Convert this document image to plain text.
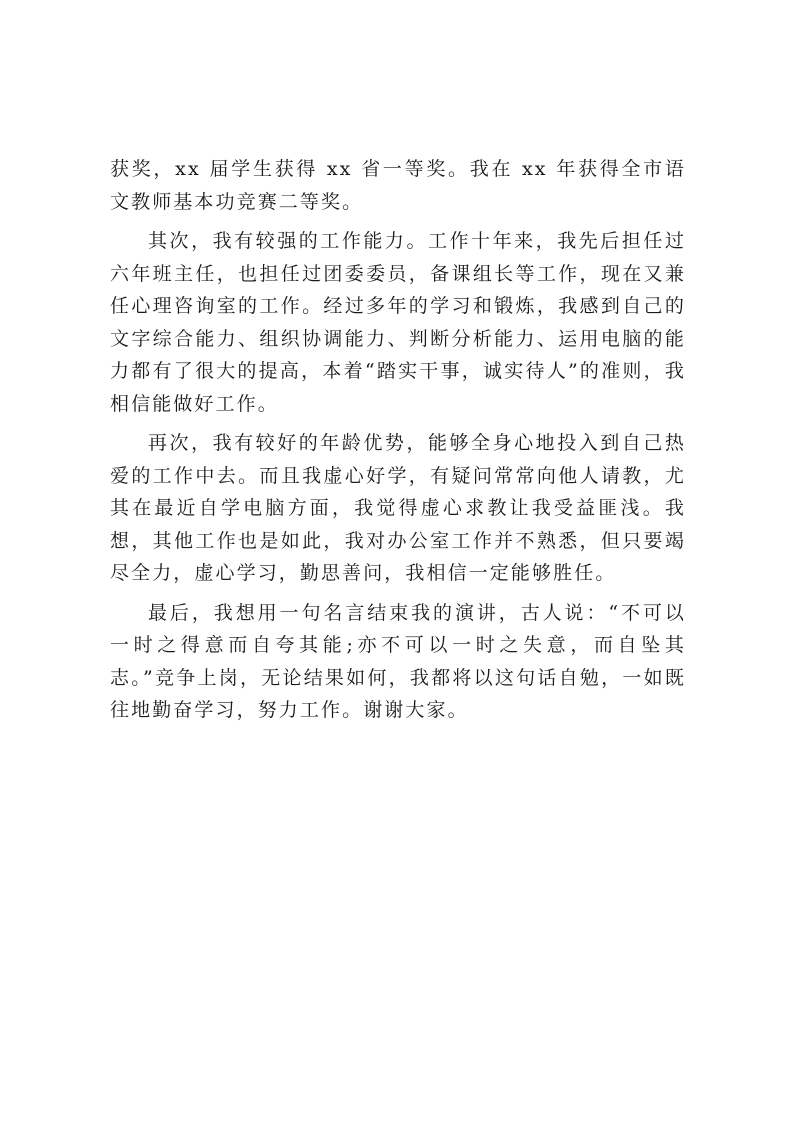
获奖，xx 届学生获得 xx 省一等奖。我在 xx 年获得全市语文教师基本功竞赛二等奖。

其次，我有较强的工作能力。工作十年来，我先后担任过六年班主任，也担任过团委委员，备课组长等工作，现在又兼任心理咨询室的工作。经过多年的学习和锻炼，我感到自己的文字综合能力、组织协调能力、判断分析能力、运用电脑的能力都有了很大的提高，本着“踏实干事，诚实待人”的准则，我相信能做好工作。

再次，我有较好的年龄优势，能够全身心地投入到自己热爱的工作中去。而且我虚心好学，有疑问常常向他人请教，尤其在最近自学电脑方面，我觉得虚心求教让我受益匪浅。我想，其他工作也是如此，我对办公室工作并不熟悉，但只要竭尽全力，虚心学习，勤思善问，我相信一定能够胜任。

最后，我想用一句名言结束我的演讲，古人说：“不可以一时之得意而自夸其能;亦不可以一时之失意，而自坠其志。”竞争上岗，无论结果如何，我都将以这句话自勉，一如既往地勤奋学习，努力工作。谢谢大家。
